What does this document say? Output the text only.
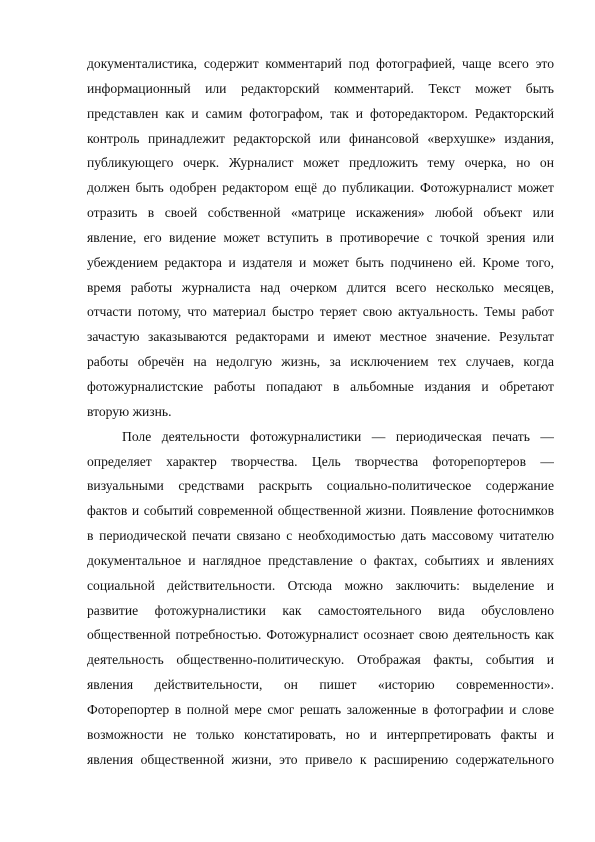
документалистика, содержит комментарий под фотографией, чаще всего это
информационный или редакторский комментарий. Текст может быть
представлен как и самим фотографом, так и фоторедактором. Редакторский
контроль принадлежит редакторской или финансовой «верхушке» издания,
публикующего очерк. Журналист может предложить тему очерка, но он
должен быть одобрен редактором ещё до публикации. Фотожурналист может
отразить в своей собственной «матрице искажения» любой объект или
явление, его видение может вступить в противоречие с точкой зрения или
убеждением редактора и издателя и может быть подчинено ей. Кроме того,
время работы журналиста над очерком длится всего несколько месяцев,
отчасти потому, что материал быстро теряет свою актуальность. Темы работ
зачастую заказываются редакторами и имеют местное значение. Результат
работы обречён на недолгую жизнь, за исключением тех случаев, когда
фотожурналистские работы попадают в альбомные издания и обретают
вторую жизнь.
Поле деятельности фотожурналистики — периодическая печать —
определяет характер творчества. Цель творчества фоторепортеров —
визуальными средствами раскрыть социально-политическое содержание
фактов и событий современной общественной жизни. Появление фотоснимков
в периодической печати связано с необходимостью дать массовому читателю
документальное и наглядное представление о фактах, событиях и явлениях
социальной действительности. Отсюда можно заключить: выделение и
развитие фотожурналистики как самостоятельного вида обусловлено
общественной потребностью. Фотожурналист осознает свою деятельность как
деятельность общественно-политическую. Отображая факты, события и
явления действительности, он пишет «историю современности».
Фоторепортер в полной мере смог решать заложенные в фотографии и слове
возможности не только констатировать, но и интерпретировать факты и
явления общественной жизни, это привело к расширению содержательного
